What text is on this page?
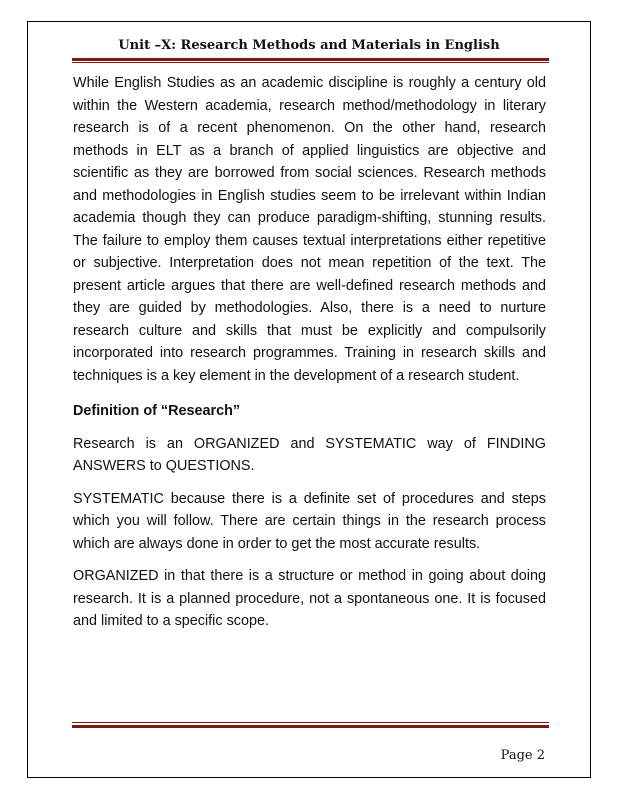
Unit –X: Research Methods and Materials in English

While English Studies as an academic discipline is roughly a century old within the Western academia, research method/methodology in literary research is of a recent phenomenon. On the other hand, research methods in ELT as a branch of applied linguistics are objective and scientific as they are borrowed from social sciences. Research methods and methodologies in English studies seem to be irrelevant within Indian academia though they can produce paradigm-shifting, stunning results. The failure to employ them causes textual interpretations either repetitive or subjective. Interpretation does not mean repetition of the text. The present article argues that there are well-defined research methods and they are guided by methodologies. Also, there is a need to nurture research culture and skills that must be explicitly and compulsorily incorporated into research programmes. Training in research skills and techniques is a key element in the development of a research student.

Definition of “Research”

Research is an ORGANIZED and SYSTEMATIC way of FINDING ANSWERS to QUESTIONS.

SYSTEMATIC because there is a definite set of procedures and steps which you will follow. There are certain things in the research process which are always done in order to get the most accurate results.

ORGANIZED in that there is a structure or method in going about doing research. It is a planned procedure, not a spontaneous one. It is focused and limited to a specific scope.

Page 2
